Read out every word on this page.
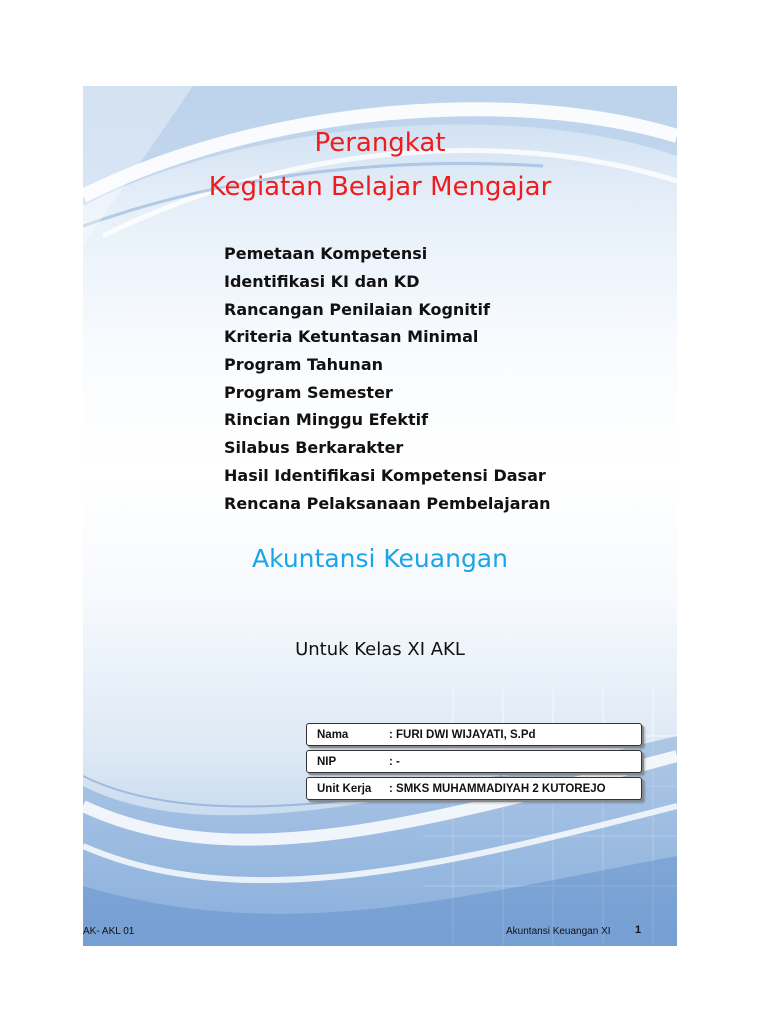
Perangkat
Kegiatan Belajar Mengajar
Pemetaan Kompetensi
Identifikasi KI dan KD
Rancangan Penilaian Kognitif
Kriteria Ketuntasan Minimal
Program Tahunan
Program Semester
Rincian Minggu Efektif
Silabus Berkarakter
Hasil Identifikasi Kompetensi Dasar
Rencana Pelaksanaan Pembelajaran
Akuntansi Keuangan
Untuk Kelas XI AKL
Nama	: FURI DWI WIJAYATI, S.Pd
NIP	: -
Unit Kerja	: SMKS MUHAMMADIYAH 2 KUTOREJO
AK- AKL 01	Akuntansi Keuangan XI 1
